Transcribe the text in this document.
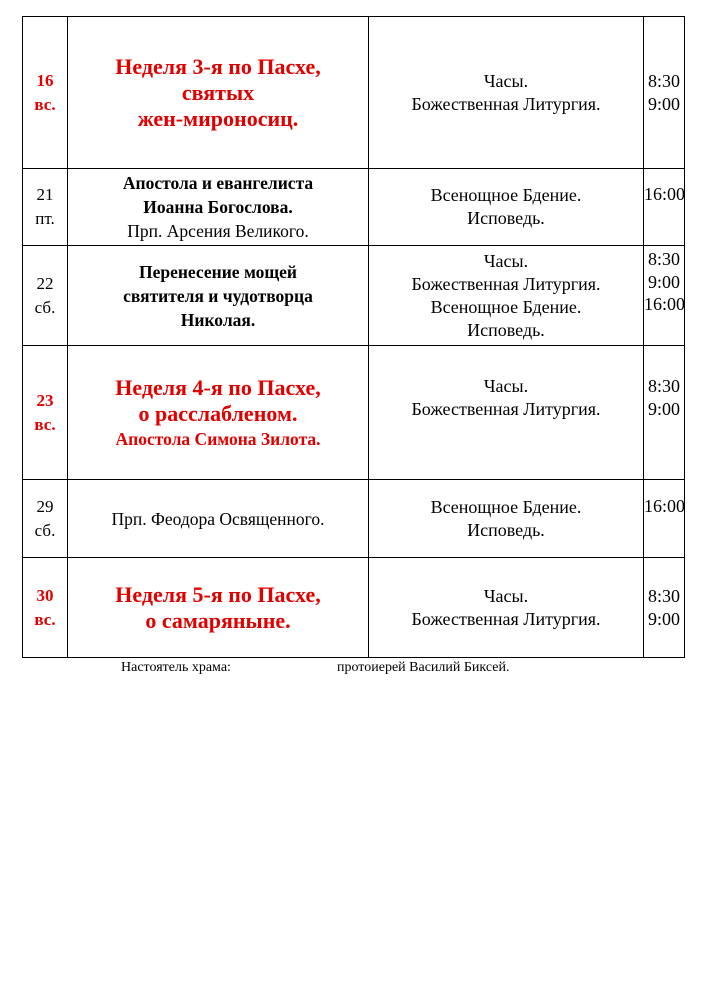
16
вс.	Неделя 3-я по Пасхе,
святых
жен-мироносиц.	Часы.
Божественная Литургия.	8:30
9:00

21
пт.	Апостола и евангелиста
Иоанна Богослова.
Прп. Арсения Великого.	Всенощное Бдение.
Исповедь.	16:00

22
сб.	Перенесение мощей
святителя и чудотворца
Николая.	Часы.
Божественная Литургия.
Всенощное Бдение.
Исповедь.	8:30
9:00
16:00

23
вс.	Неделя 4-я по Пасхе,
о расслабленом.
Апостола Симона Зилота.	Часы.
Божественная Литургия.	8:30
9:00

29
сб.	Прп. Феодора Освященного.	Всенощное Бдение.
Исповедь.	16:00

30
вс.	Неделя 5-я по Пасхе,
о самаряныне.	Часы.
Божественная Литургия.	8:30
9:00
Настоятель храма:	протоиерей Василий Биксей.
